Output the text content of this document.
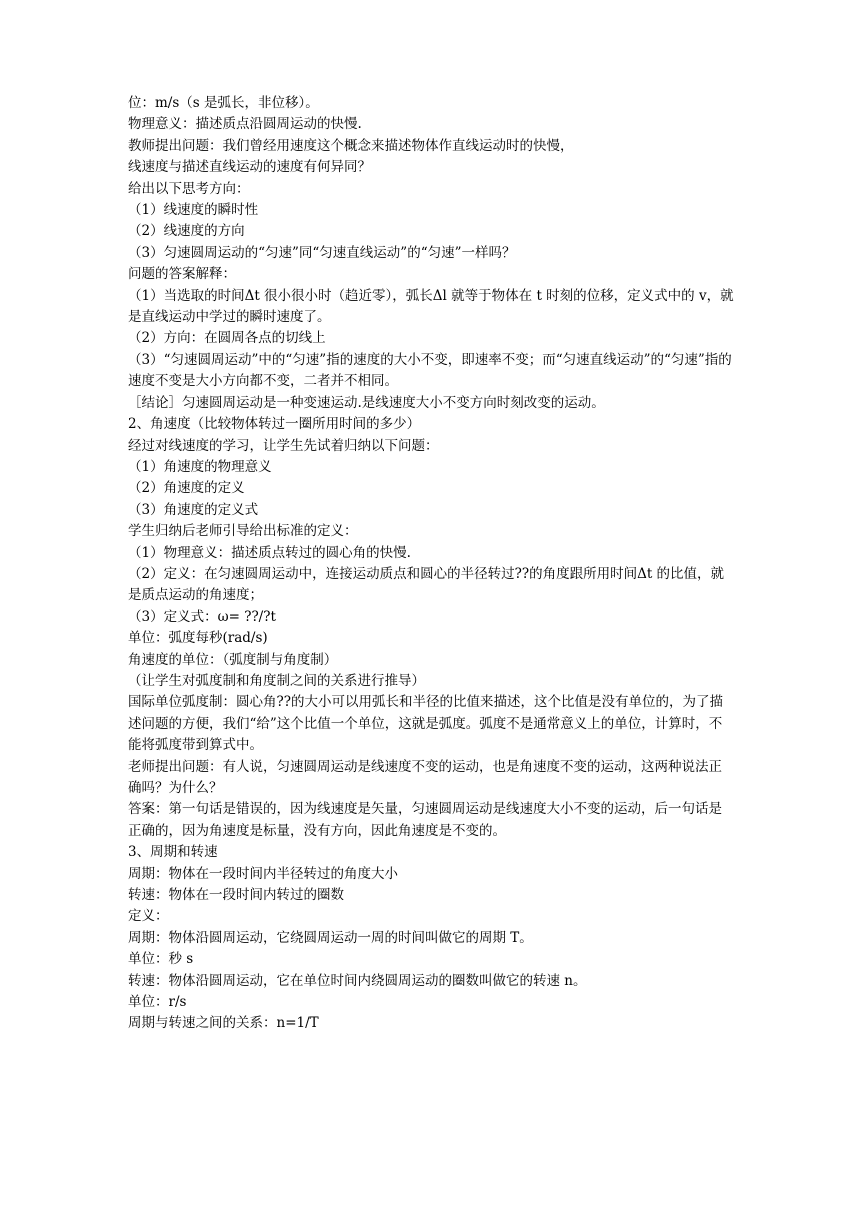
位：m/s（s 是弧长，非位移）。

物理意义：描述质点沿圆周运动的快慢.

教师提出问题：我们曾经用速度这个概念来描述物体作直线运动时的快慢，

线速度与描述直线运动的速度有何异同？

给出以下思考方向：

（1）线速度的瞬时性

（2）线速度的方向

（3）匀速圆周运动的“匀速”同“匀速直线运动”的“匀速”一样吗？

问题的答案解释：

（1）当选取的时间Δt 很小很小时（趋近零），弧长Δl 就等于物体在 t 时刻的位移，定义式中的 v，就是直线运动中学过的瞬时速度了。

（2）方向：在圆周各点的切线上

（3）“匀速圆周运动”中的“匀速”指的速度的大小不变，即速率不变；而“匀速直线运动”的“匀速”指的速度不变是大小方向都不变，二者并不相同。

［结论］匀速圆周运动是一种变速运动.是线速度大小不变方向时刻改变的运动。

2、角速度（比较物体转过一圈所用时间的多少）

经过对线速度的学习，让学生先试着归纳以下问题：

（1）角速度的物理意义

（2）角速度的定义

（3）角速度的定义式

学生归纳后老师引导给出标准的定义：

（1）物理意义：描述质点转过的圆心角的快慢.

（2）定义：在匀速圆周运动中，连接运动质点和圆心的半径转过??的角度跟所用时间Δt 的比值，就是质点运动的角速度；

（3）定义式：ω= ??/?t

单位：弧度每秒(rad/s)

角速度的单位：（弧度制与角度制）

（让学生对弧度制和角度制之间的关系进行推导）

国际单位弧度制：圆心角??的大小可以用弧长和半径的比值来描述，这个比值是没有单位的，为了描述问题的方便，我们“给”这个比值一个单位，这就是弧度。弧度不是通常意义上的单位，计算时，不能将弧度带到算式中。

老师提出问题：有人说，匀速圆周运动是线速度不变的运动，也是角速度不变的运动，这两种说法正确吗？为什么？

答案：第一句话是错误的，因为线速度是矢量，匀速圆周运动是线速度大小不变的运动，后一句话是正确的，因为角速度是标量，没有方向，因此角速度是不变的。

3、周期和转速

周期：物体在一段时间内半径转过的角度大小

转速：物体在一段时间内转过的圈数

定义：

周期：物体沿圆周运动，它绕圆周运动一周的时间叫做它的周期 T。

单位：秒 s

转速：物体沿圆周运动，它在单位时间内绕圆周运动的圈数叫做它的转速 n。

单位：r/s

周期与转速之间的关系：n=1/T
